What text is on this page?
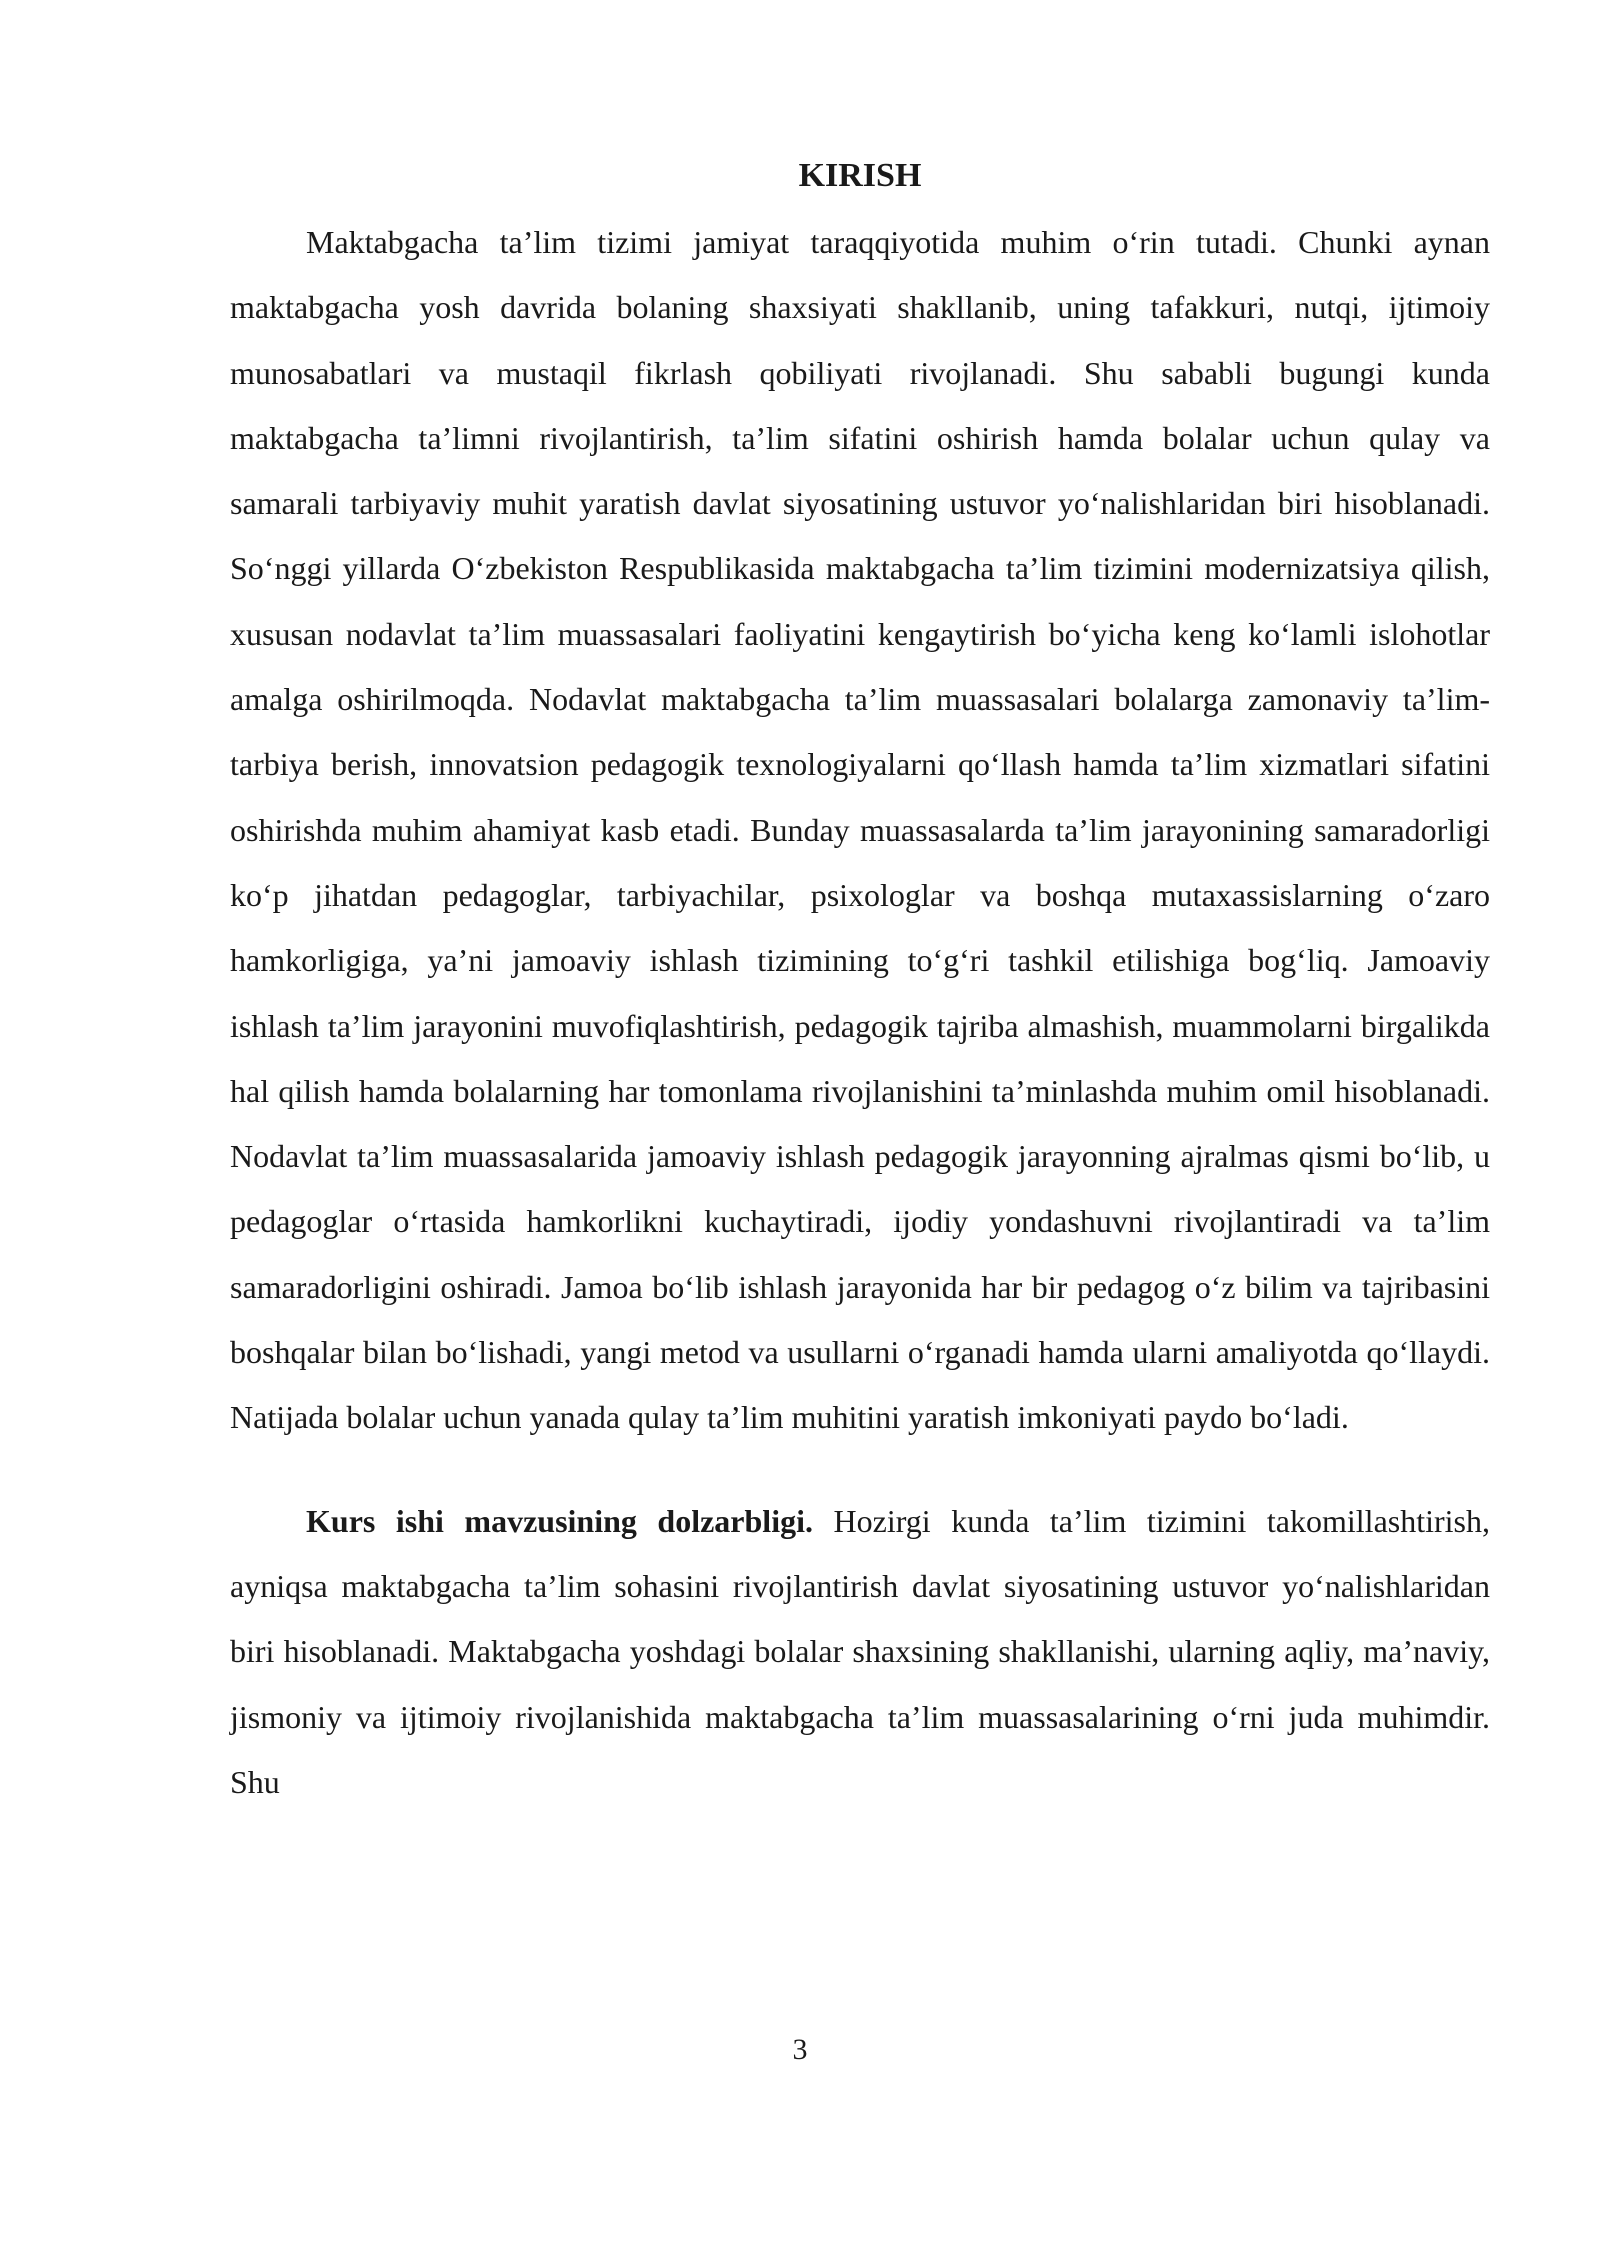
KIRISH

Maktabgacha ta’lim tizimi jamiyat taraqqiyotida muhim o‘rin tutadi. Chunki aynan maktabgacha yosh davrida bolaning shaxsiyati shakllanib, uning tafakkuri, nutqi, ijtimoiy munosabatlari va mustaqil fikrlash qobiliyati rivojlanadi. Shu sababli bugungi kunda maktabgacha ta’limni rivojlantirish, ta’lim sifatini oshirish hamda bolalar uchun qulay va samarali tarbiyaviy muhit yaratish davlat siyosatining ustuvor yo‘nalishlaridan biri hisoblanadi. So‘nggi yillarda O‘zbekiston Respublikasida maktabgacha ta’lim tizimini modernizatsiya qilish, xususan nodavlat ta’lim muassasalari faoliyatini kengaytirish bo‘yicha keng ko‘lamli islohotlar amalga oshirilmoqda. Nodavlat maktabgacha ta’lim muassasalari bolalarga zamonaviy ta’lim-tarbiya berish, innovatsion pedagogik texnologiyalarni qo‘llash hamda ta’lim xizmatlari sifatini oshirishda muhim ahamiyat kasb etadi. Bunday muassasalarda ta’lim jarayonining samaradorligi ko‘p jihatdan pedagoglar, tarbiyachilar, psixologlar va boshqa mutaxassislarning o‘zaro hamkorligiga, ya’ni jamoaviy ishlash tizimining to‘g‘ri tashkil etilishiga bog‘liq. Jamoaviy ishlash ta’lim jarayonini muvofiqlashtirish, pedagogik tajriba almashish, muammolarni birgalikda hal qilish hamda bolalarning har tomonlama rivojlanishini ta’minlashda muhim omil hisoblanadi. Nodavlat ta’lim muassasalarida jamoaviy ishlash pedagogik jarayonning ajralmas qismi bo‘lib, u pedagoglar o‘rtasida hamkorlikni kuchaytiradi, ijodiy yondashuvni rivojlantiradi va ta’lim samaradorligini oshiradi. Jamoa bo‘lib ishlash jarayonida har bir pedagog o‘z bilim va tajribasini boshqalar bilan bo‘lishadi, yangi metod va usullarni o‘rganadi hamda ularni amaliyotda qo‘llaydi. Natijada bolalar uchun yanada qulay ta’lim muhitini yaratish imkoniyati paydo bo‘ladi.

Kurs ishi mavzusining dolzarbligi. Hozirgi kunda ta’lim tizimini takomillashtirish, ayniqsa maktabgacha ta’lim sohasini rivojlantirish davlat siyosatining ustuvor yo‘nalishlaridan biri hisoblanadi. Maktabgacha yoshdagi bolalar shaxsining shakllanishi, ularning aqliy, ma’naviy, jismoniy va ijtimoiy rivojlanishida maktabgacha ta’lim muassasalarining o‘rni juda muhimdir. Shu

3
